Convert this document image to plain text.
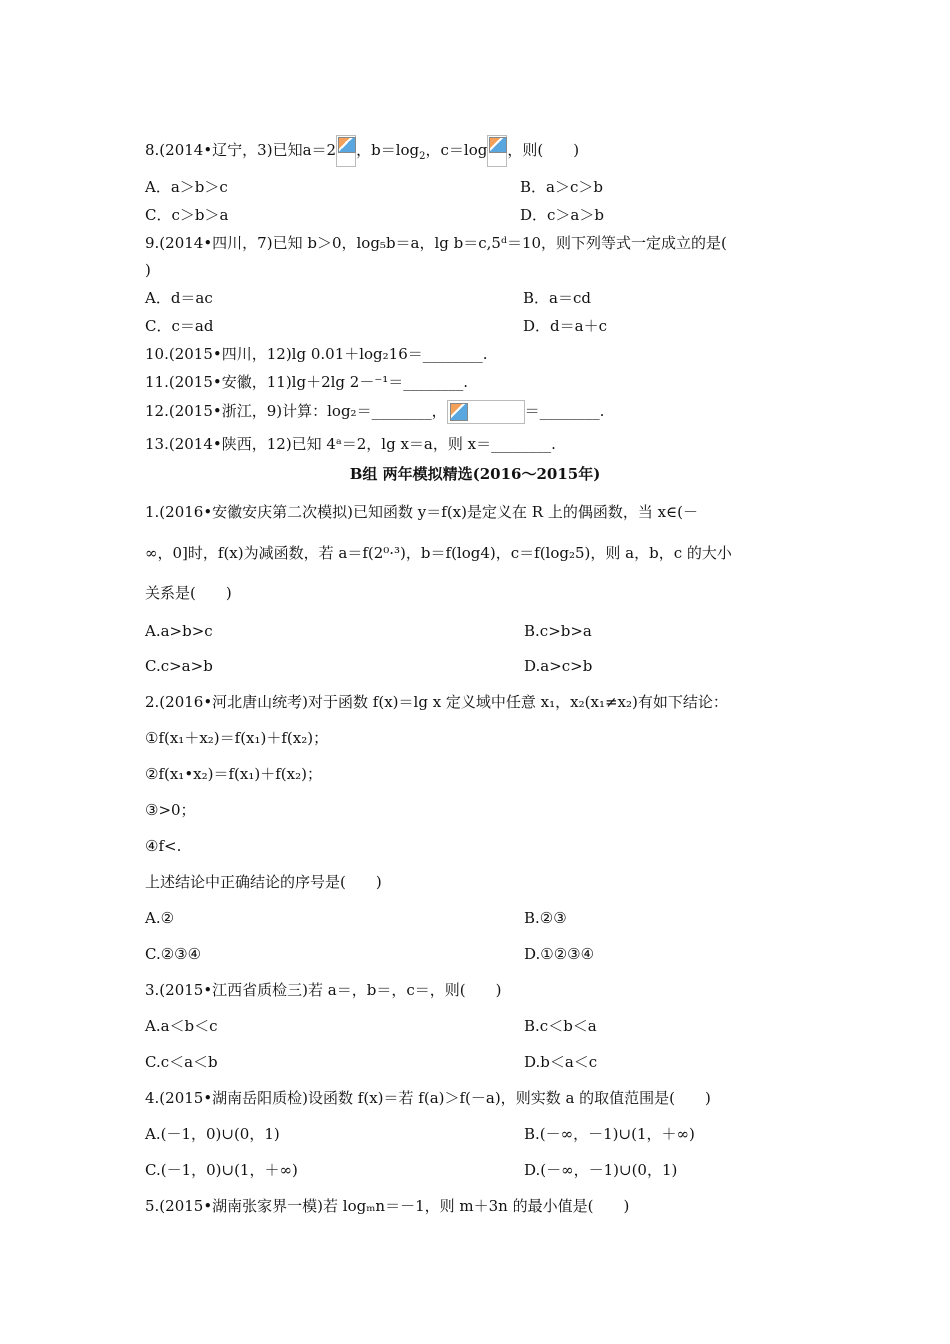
8.(2014•辽宁，3)已知a＝2 ，$b=\log_2$，c＝log ，则(　　)
A．a＞b＞c	B．a＞c＞b
C．c＞b＞a	D．c＞a＞b
9.(2014•四川，7)已知 b＞0，log₅b＝a，lg b＝c,5ᵈ＝10，则下列等式一定成立的是(
)
A．d＝ac	B．a＝cd
C．c＝ad	D．d＝a＋c
10.(2015•四川，12)lg 0.01＋log₂16＝________.
11.(2015•安徽，11)lg＋2lg 2－⁻¹＝________.
12.(2015•浙江，9)计算：log₂＝________，	＝________.
13.(2014•陕西，12)已知 4ᵃ＝2，lg x＝a，则 x＝________.
B组 两年模拟精选(2016～2015年)
1.(2016•安徽安庆第二次模拟)已知函数 y＝f(x)是定义在 R 上的偶函数，当 x∈(－
∞，0]时，f(x)为减函数，若 a＝f(2⁰·³)，b＝f(log4)，c＝f(log₂5)，则 a，b，c 的大小
关系是(　　)
A.a>b>c	B.c>b>a
C.c>a>b	D.a>c>b
2.(2016•河北唐山统考)对于函数 f(x)＝lg x 定义域中任意 x₁，x₂(x₁≠x₂)有如下结论：
①f(x₁＋x₂)＝f(x₁)＋f(x₂)；
②f(x₁•x₂)＝f(x₁)＋f(x₂)；
③>0；
④f<.
上述结论中正确结论的序号是(　　)
A.②	B.②③
C.②③④	D.①②③④
3.(2015•江西省质检三)若 a＝，b＝，c＝，则(　　)
A.a＜b＜c	B.c＜b＜a
C.c＜a＜b	D.b＜a＜c
4.(2015•湖南岳阳质检)设函数 f(x)＝若 f(a)＞f(－a)，则实数 a 的取值范围是(　　)
A.(－1，0)∪(0，1)	B.(－∞，－1)∪(1，＋∞)
C.(－1，0)∪(1，＋∞)	D.(－∞，－1)∪(0，1)
5.(2015•湖南张家界一模)若 logₘn＝－1，则 m＋3n 的最小值是(　　)
